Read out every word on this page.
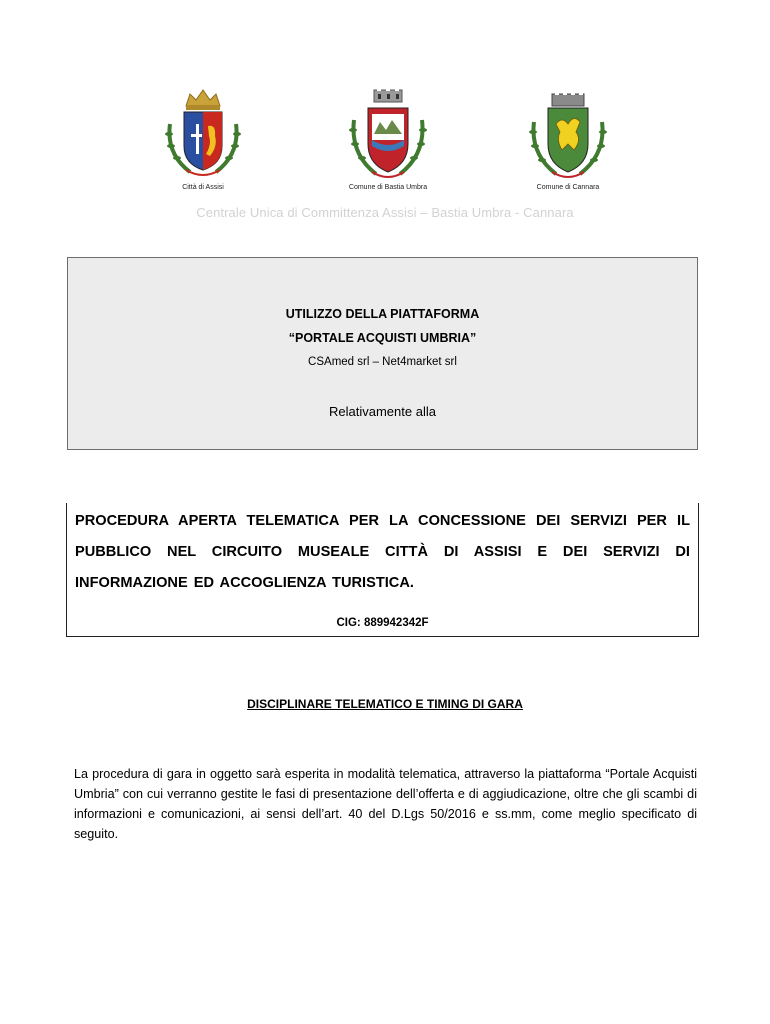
Città di Assisi	Comune di Bastia Umbra	Comune di Cannara
Centrale Unica di Committenza Assisi – Bastia Umbra - Cannara
UTILIZZO DELLA PIATTAFORMA
“PORTALE ACQUISTI UMBRIA”
CSAmed srl – Net4market srl
Relativamente alla
PROCEDURA APERTA TELEMATICA PER LA CONCESSIONE DEI SERVIZI PER IL PUBBLICO NEL CIRCUITO MUSEALE CITTÀ DI ASSISI E DEI SERVIZI DI INFORMAZIONE ED ACCOGLIENZA TURISTICA.
CIG: 889942342F
DISCIPLINARE TELEMATICO E TIMING DI GARA
La procedura di gara in oggetto sarà esperita in modalità telematica, attraverso la piattaforma “Portale Acquisti Umbria” con cui verranno gestite le fasi di presentazione dell’offerta e di aggiudicazione, oltre che gli scambi di informazioni e comunicazioni, ai sensi dell’art. 40 del D.Lgs 50/2016 e ss.mm, come meglio specificato di seguito.
